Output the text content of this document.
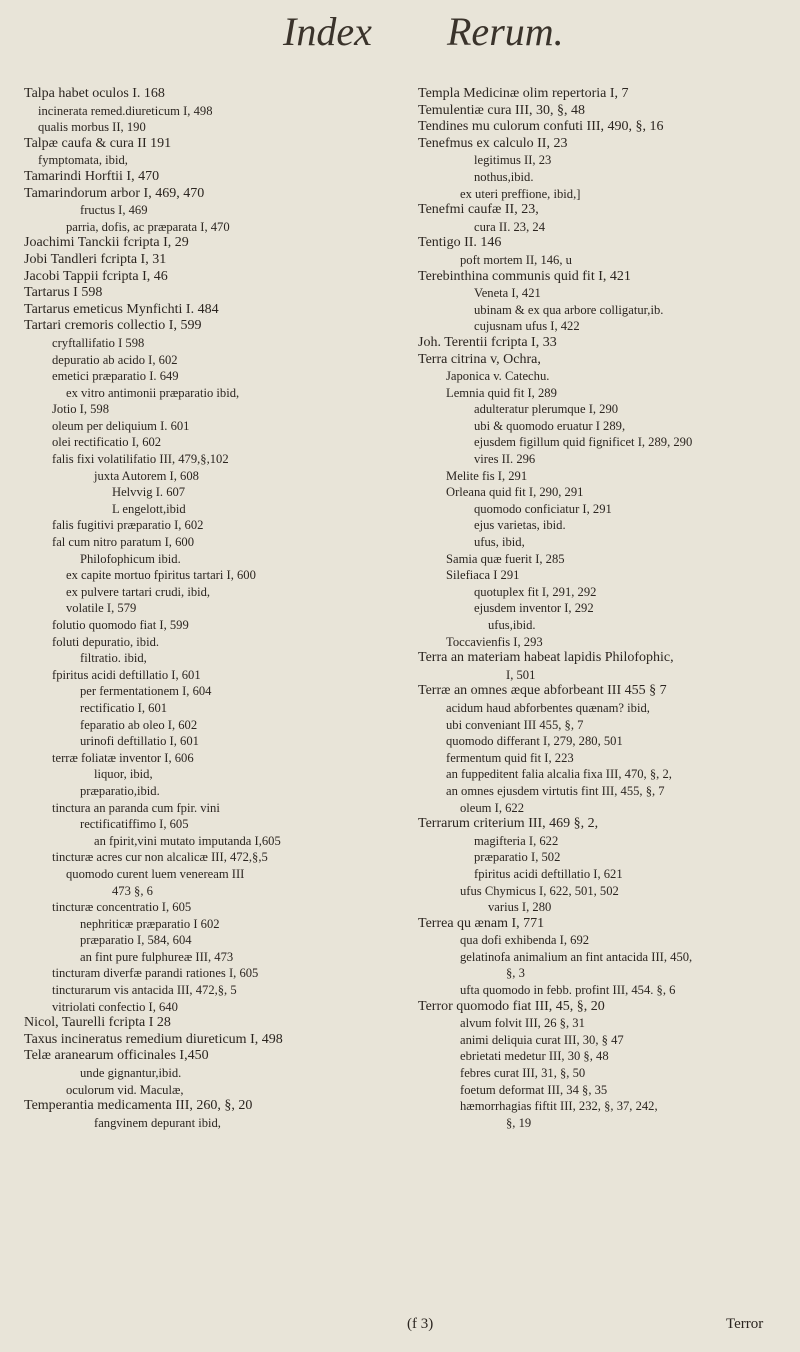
Index Rerum.
Talpa habet oculos I. 168
incinerata remed.diureticum I, 498
qualis morbus II, 190
Talpæ caufa & cura II 191
fymptomata, ibid,
Tamarindi Horftii I, 470
Tamarindorum arbor I, 469, 470
fructus I, 469
parria, dofis, ac præparata I, 470
Joachimi Tanckii fcripta I, 29
Jobi Tandleri fcripta I, 31
Jacobi Tappii fcripta I, 46
Tartarus I 598
Tartarus emeticus Mynfichti I. 484
Tartari cremoris collectio I, 599
cryftallifatio I 598
depuratio ab acido I, 602
emetici præparatio I. 649
ex vitro antimonii præparatio ibid,
Jotio I, 598
oleum per deliquium I. 601
olei rectificatio I, 602
falis fixi volatilifatio III, 479,§,102
juxta Autorem I, 608
Helvvig I. 607
L engelott,ibid
falis fugitivi præparatio I, 602
fal cum nitro paratum I, 600
Philofophicum ibid.
ex capite mortuo fpiritus tartari I, 600
ex pulvere tartari crudi, ibid,
volatile I, 579
folutio quomodo fiat I, 599
foluti depuratio, ibid.
filtratio. ibid,
fpiritus acidi deftillatio I, 601
per fermentationem I, 604
rectificatio I, 601
feparatio ab oleo I, 602
urinofi deftillatio I, 601
terræ foliatæ inventor I, 606
liquor, ibid,
præparatio,ibid.
tinctura an paranda cum fpir. vini
rectificatiffimo I, 605
an fpirit,vini mutato imputanda I,605
tincturæ acres cur non alcalicæ III, 472,§,5
quomodo curent luem veneream III
473 §, 6
tincturæ concentratio I, 605
nephriticæ præparatio I 602
præparatio I, 584, 604
an fint pure fulphureæ III, 473
tincturam diverfæ parandi rationes I, 605
tincturarum vis antacida III, 472,§, 5
vitriolati confectio I, 640
Nicol, Taurelli fcripta I 28
Taxus incineratus remedium diureticum I, 498
Telæ aranearum officinales I,450
unde gignantur,ibid.
oculorum vid. Maculæ,
Temperantia medicamenta III, 260, §, 20
fangvinem depurant ibid,
Templa Medicinæ olim repertoria I, 7
Temulentiæ cura III, 30, §, 48
Tendines mu culorum confuti III, 490, §, 16
Tenefmus ex calculo II, 23
legitimus II, 23
nothus,ibid.
ex uteri preffione, ibid,]
Tenefmi caufæ II, 23,
cura II. 23, 24
Tentigo II. 146
poft mortem II, 146, u
Terebinthina communis quid fit I, 421
Veneta I, 421
ubinam & ex qua arbore colligatur,ib.
cujusnam ufus I, 422
Joh. Terentii fcripta I, 33
Terra citrina v, Ochra,
Japonica v. Catechu.
Lemnia quid fit I, 289
adulteratur plerumque I, 290
ubi & quomodo eruatur I 289,
ejusdem figillum quid fignificet I, 289, 290
vires II. 296
Melite fis I, 291
Orleana quid fit I, 290, 291
quomodo conficiatur I, 291
ejus varietas, ibid.
ufus, ibid,
Samia quæ fuerit I, 285
Silefiaca I 291
quotuplex fit I, 291, 292
ejusdem inventor I, 292
ufus,ibid.
Toccavienfis I, 293
Terra an materiam habeat lapidis Philofophic,
I, 501
Terræ an omnes æque abforbeant III 455 § 7
acidum haud abforbentes quænam? ibid,
ubi conveniant III 455, §, 7
quomodo differant I, 279, 280, 501
fermentum quid fit I, 223
an fuppeditent falia alcalia fixa III, 470, §, 2,
an omnes ejusdem virtutis fint III, 455, §, 7
oleum I, 622
Terrarum criterium III, 469 §, 2,
magifteria I, 622
præparatio I, 502
fpiritus acidi deftillatio I, 621
ufus Chymicus I, 622, 501, 502
varius I, 280
Terrea qu ænam I, 771
qua dofi exhibenda I, 692
gelatinofa animalium an fint antacida III, 450,
§, 3
ufta quomodo in febb. profint III, 454. §, 6
Terror quomodo fiat III, 45, §, 20
alvum folvit III, 26 §, 31
animi deliquia curat III, 30, § 47
ebrietati medetur III, 30 §, 48
febres curat III, 31, §, 50
foetum deformat III, 34 §, 35
hæmorrhagias fiftit III, 232, §, 37, 242,
§, 19
(f 3)	Terror
